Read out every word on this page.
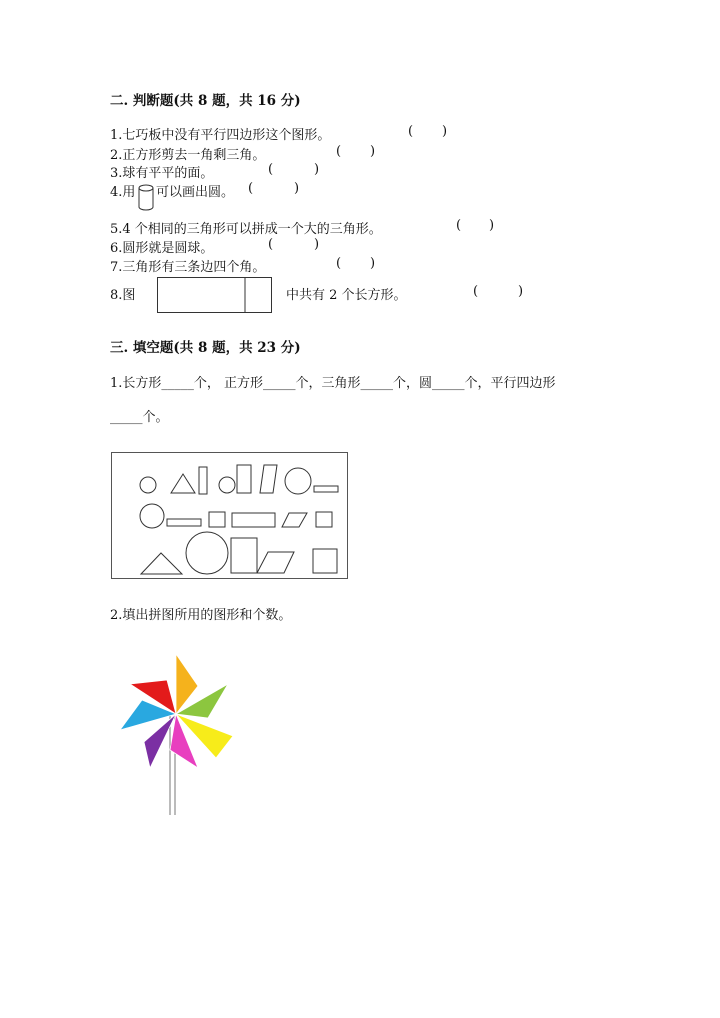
二. 判断题(共 8 题，共 16 分)
1.七巧板中没有平行四边形这个图形。	( )
2.正方形剪去一角剩三角。	( )
3.球有平平的面。	(	)
4.用 可以画出圆。 (	)
5.4 个相同的三角形可以拼成一个大的三角形。	( )
6.圆形就是圆球。	(	)
7.三角形有三条边四个角。	( )
8.图	中共有 2 个长方形。	(	)
三. 填空题(共 8 题，共 23 分)
1.长方形_____个， 正方形_____个，三角形_____个，圆_____个，平行四边形
_____个。
2.填出拼图所用的图形和个数。
